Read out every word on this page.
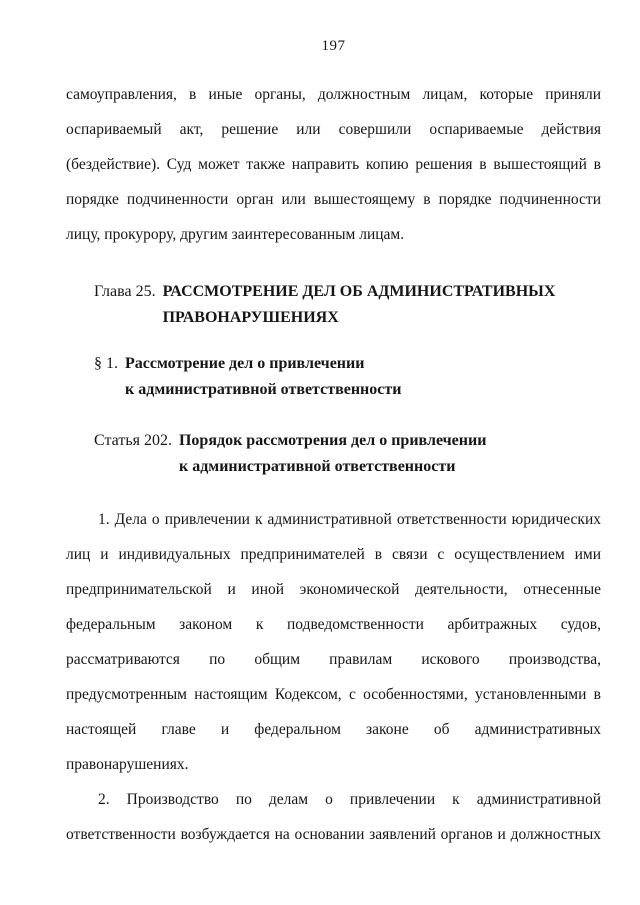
197
самоуправления, в иные органы, должностным лицам, которые приняли
оспариваемый акт, решение или совершили оспариваемые действия
(бездействие). Суд может также направить копию решения в вышестоящий в
порядке подчиненности орган или вышестоящему в порядке подчиненности
лицу, прокурору, другим заинтересованным лицам.
Глава 25. РАССМОТРЕНИЕ ДЕЛ ОБ АДМИНИСТРАТИВНЫХ
ПРАВОНАРУШЕНИЯХ
§ 1. Рассмотрение дел о привлечении
к административной ответственности
Статья 202. Порядок рассмотрения дел о привлечении
к административной ответственности
1. Дела о привлечении к административной ответственности юридических
лиц и индивидуальных предпринимателей в связи с осуществлением ими
предпринимательской и иной экономической деятельности, отнесенные
федеральным законом к подведомственности арбитражных судов,
рассматриваются по общим правилам искового производства,
предусмотренным настоящим Кодексом, с особенностями, установленными в
настоящей главе и федеральном законе об административных
правонарушениях.
2. Производство по делам о привлечении к административной
ответственности возбуждается на основании заявлений органов и должностных
